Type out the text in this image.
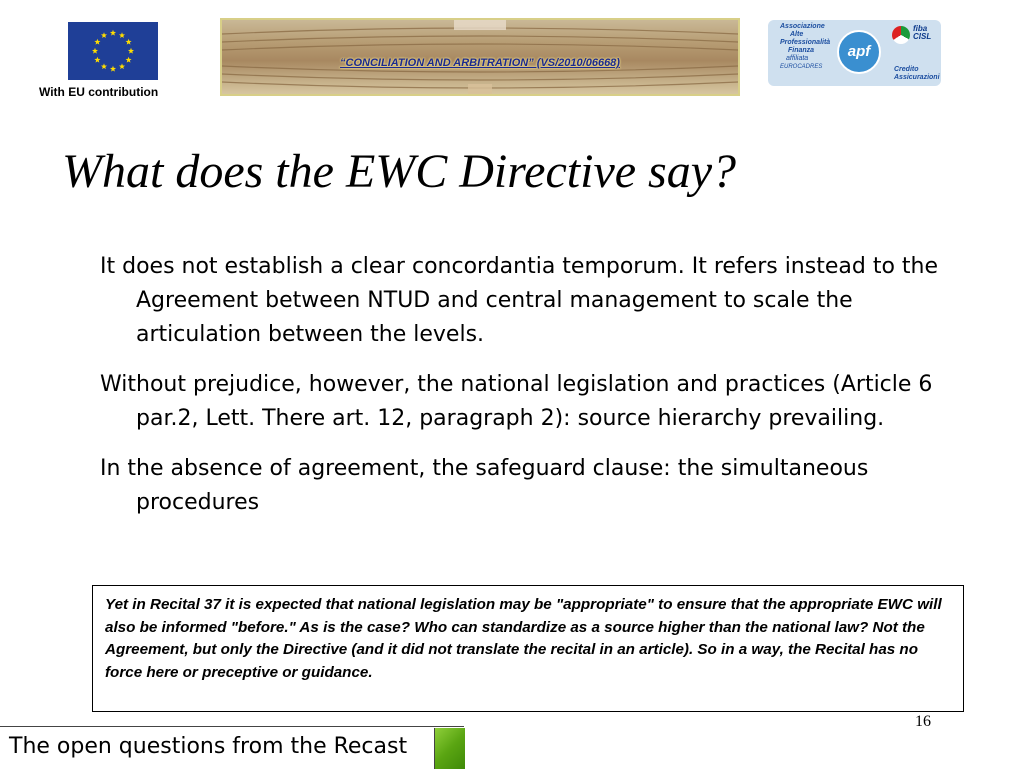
With EU contribution
“CONCILIATION AND ARBITRATION” (VS/2010/06668)
Associazione
Alte
Professionalità
Finanza
affiliata
EUROCADRES
apf
fiba
CISL
Credito
Assicurazioni
What does the EWC Directive say?
It does not establish a clear concordantia temporum. It refers instead to the Agreement between NTUD and central management to scale the articulation between the levels.
Without prejudice, however, the national legislation and practices (Article 6 par.2, Lett. There art. 12, paragraph 2): source hierarchy prevailing.
In the absence of agreement, the safeguard clause: the simultaneous procedures
Yet in Recital 37 it is expected that national legislation may be "appropriate" to ensure that the appropriate EWC will also be informed "before." As is the case? Who can standardize as a source higher than the national law? Not the Agreement, but only the Directive (and it did not translate the recital in an article). So in a way, the Recital has no force here or preceptive or guidance.
16
The open questions from the Recast
